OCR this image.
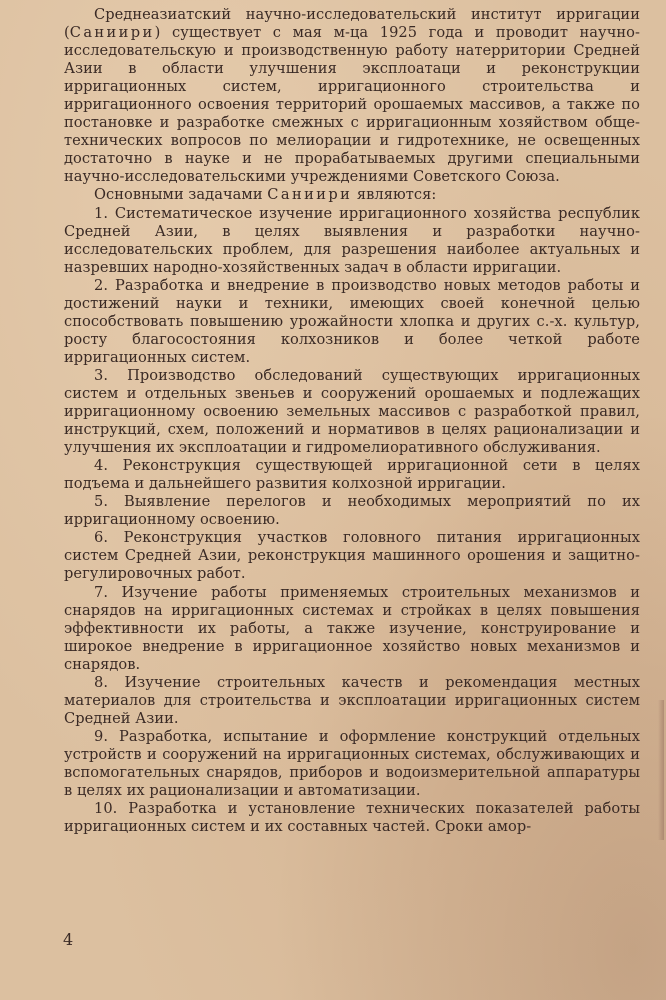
Среднеазиатский научно-исследовательский институт ирригации (Саниири) существует с мая м-ца 1925 года и проводит научно-исследовательскую и производственную работу натерритории Средней Азии в области улучшения эксплоатаци и реконструкции ирригационных систем, ирригационного строительства и ирригационного освоения территорий орошаемых массивов, а также по постановке и разработке смежных с ирригационным хозяйством обще-технических вопросов по мелиорации и гидротехнике, не освещенных достаточно в науке и не прорабатываемых другими специальными научно-исследовательскими учреждениями Советского Союза.

Основными задачами Саниири являются:

1. Систематическое изучение ирригационного хозяйства республик Средней Азии, в целях выявления и разработки научно-исследовательских проблем, для разрешения наиболее актуальных и назревших народно-хозяйственных задач в области ирригации.

2. Разработка и внедрение в производство новых методов работы и достижений науки и техники, имеющих своей конечной целью способствовать повышению урожайности хлопка и других с.-х. культур, росту благосостояния колхозников и более четкой работе ирригационных систем.

3. Производство обследований существующих ирригационных систем и отдельных звеньев и сооружений орошаемых и подлежащих ирригационному освоению земельных массивов с разработкой правил, инструкций, схем, положений и нормативов в целях рационализации и улучшения их эксплоатации и гидромелиоративного обслуживания.

4. Реконструкция существующей ирригационной сети в целях подъема и дальнейшего развития колхозной ирригации.

5. Выявление перелогов и необходимых мероприятий по их ирригационному освоению.

6. Реконструкция участков головного питания ирригационных систем Средней Азии, реконструкция машинного орошения и защитно-регулировочных работ.

7. Изучение работы применяемых строительных механизмов и снарядов на ирригационных системах и стройках в целях повышения эффективности их работы, а также изучение, конструирование и широкое внедрение в ирригационное хозяйство новых механизмов и снарядов.

8. Изучение строительных качеств и рекомендация местных материалов для строительства и эксплоатации ирригационных систем Средней Азии.

9. Разработка, испытание и оформление конструкций отдельных устройств и сооружений на ирригационных системах, обслуживающих и вспомогательных снарядов, приборов и водоизмерительной аппаратуры в целях их рационализации и автоматизации.

10. Разработка и установление технических показателей работы ирригационных систем и их составных частей. Сроки амор-

4
